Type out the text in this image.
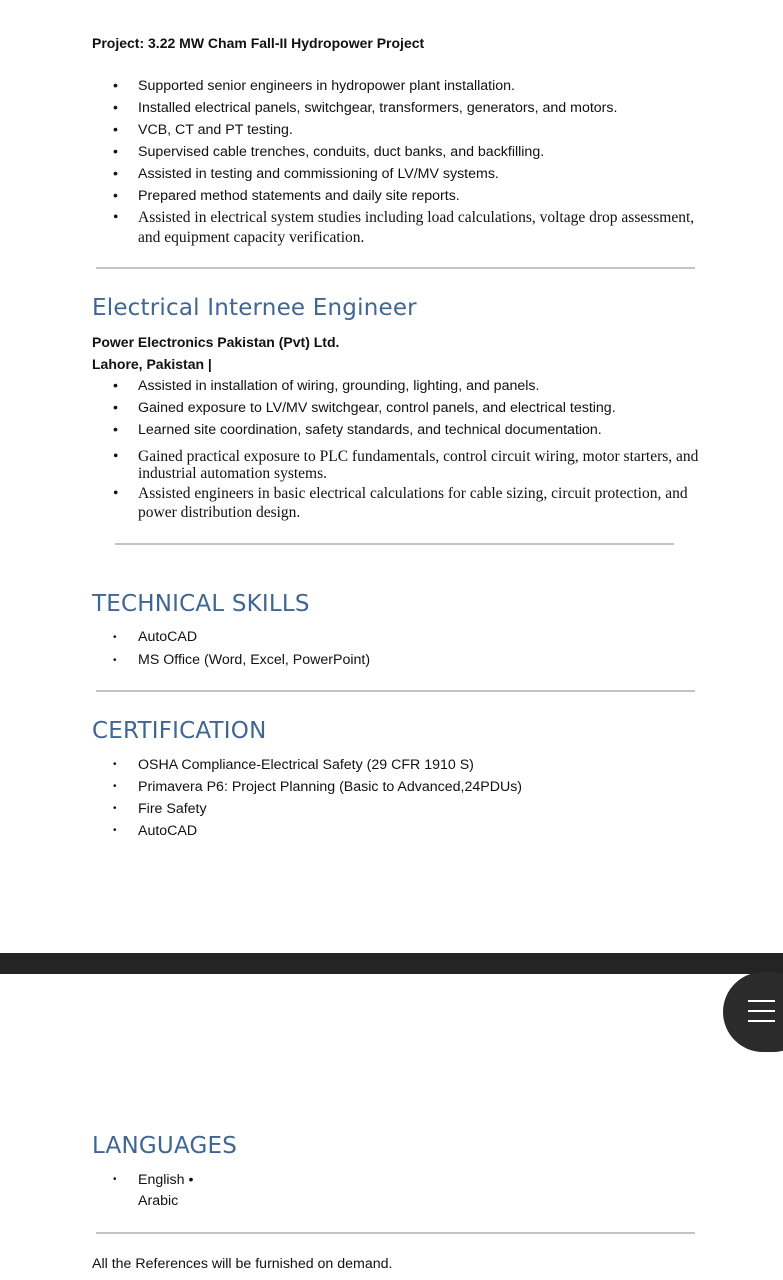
Project: 3.22 MW Cham Fall-II Hydropower Project
• Supported senior engineers in hydropower plant installation.
• Installed electrical panels, switchgear, transformers, generators, and motors.
• VCB, CT and PT testing.
• Supervised cable trenches, conduits, duct banks, and backfilling.
• Assisted in testing and commissioning of LV/MV systems.
• Prepared method statements and daily site reports.
• Assisted in electrical system studies including load calculations, voltage drop assessment, and equipment capacity verification.
Electrical Internee Engineer
Power Electronics Pakistan (Pvt) Ltd.
Lahore, Pakistan |
• Assisted in installation of wiring, grounding, lighting, and panels.
• Gained exposure to LV/MV switchgear, control panels, and electrical testing.
• Learned site coordination, safety standards, and technical documentation.
• Gained practical exposure to PLC fundamentals, control circuit wiring, motor starters, and industrial automation systems.
• Assisted engineers in basic electrical calculations for cable sizing, circuit protection, and power distribution design.
TECHNICAL SKILLS
• AutoCAD
• MS Office (Word, Excel, PowerPoint)
CERTIFICATION
• OSHA Compliance-Electrical Safety (29 CFR 1910 S)
• Primavera P6: Project Planning (Basic to Advanced,24PDUs)
• Fire Safety
• AutoCAD
LANGUAGES
• English •
Arabic
All the References will be furnished on demand.
